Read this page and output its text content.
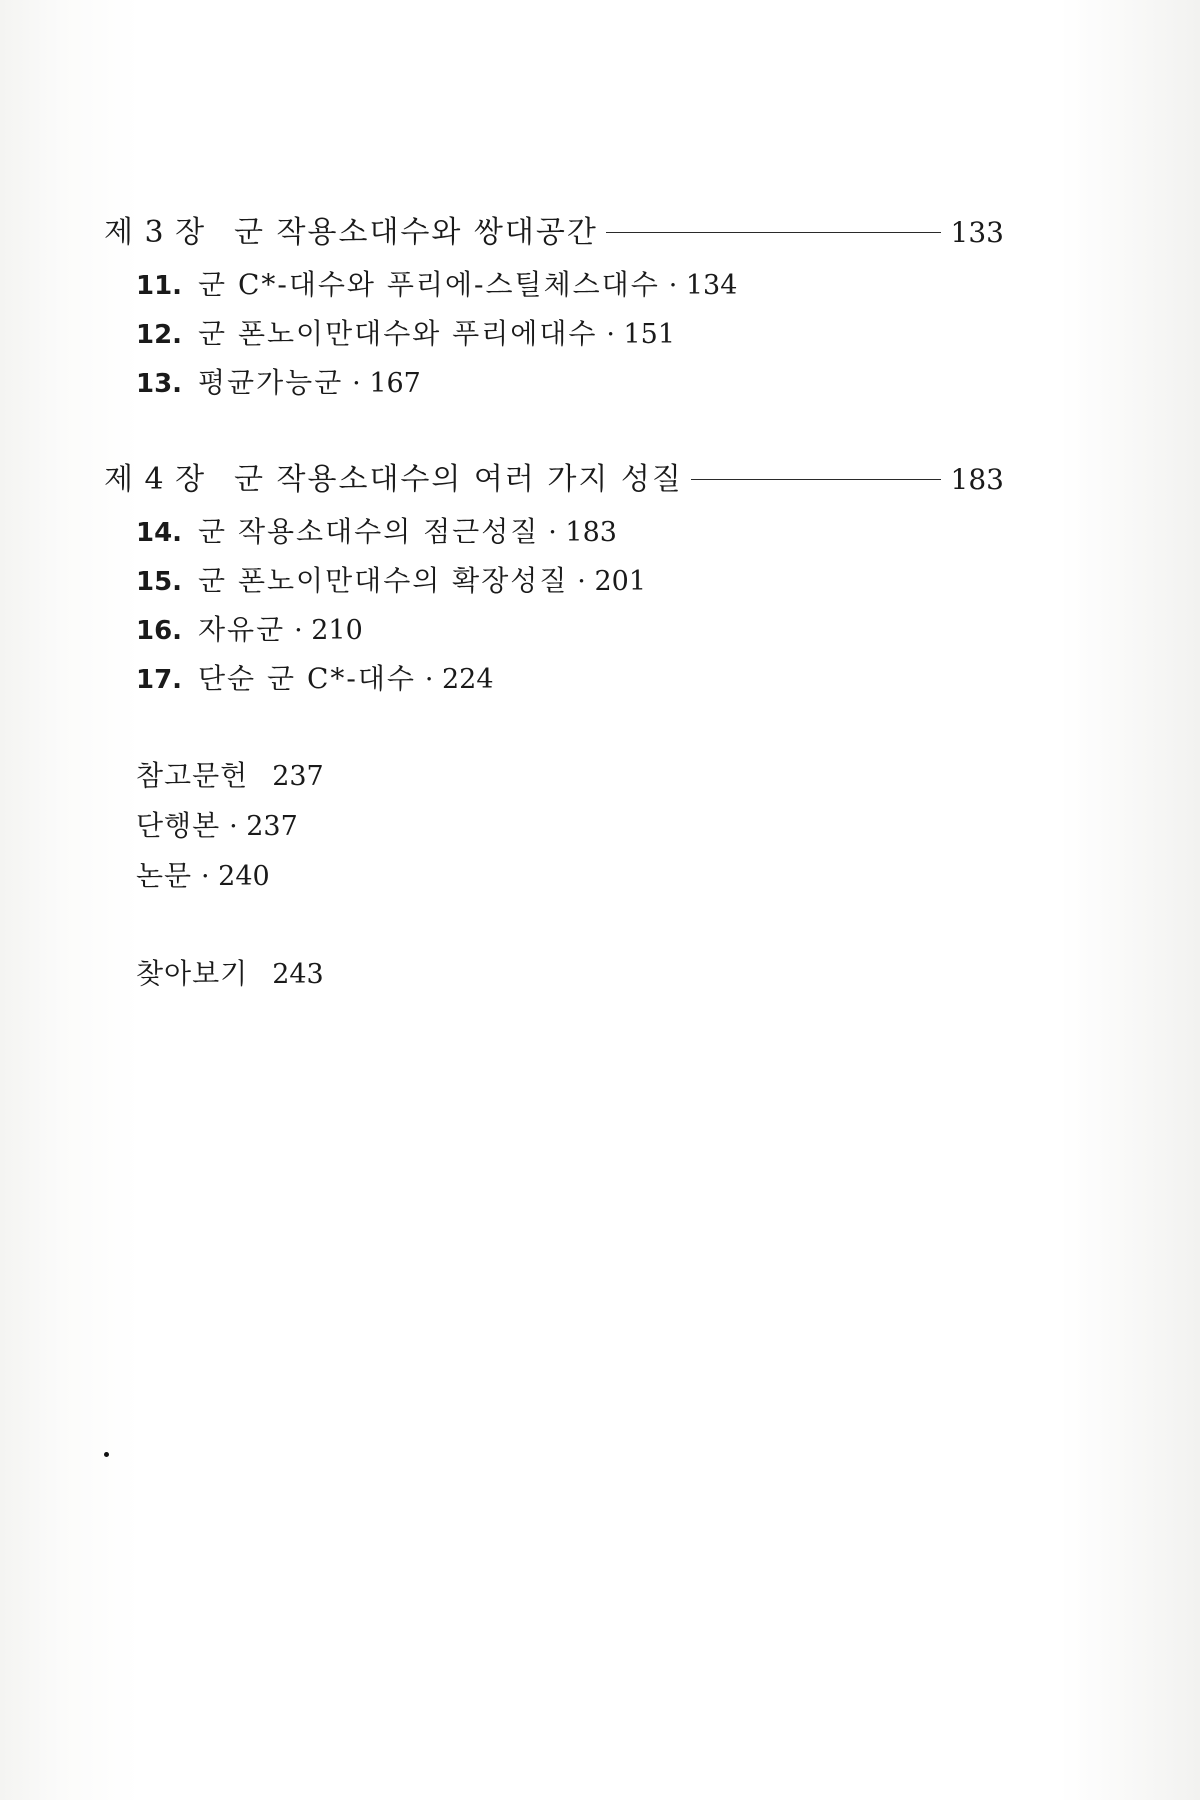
제 3 장 군 작용소대수와 쌍대공간	133
11. 군 C*-대수와 푸리에-스틸체스대수 · 134
12. 군 폰노이만대수와 푸리에대수 · 151
13. 평균가능군 · 167
제 4 장 군 작용소대수의 여러 가지 성질	183
14. 군 작용소대수의 점근성질 · 183
15. 군 폰노이만대수의 확장성질 · 201
16. 자유군 · 210
17. 단순 군 C*-대수 · 224
참고문헌 237
단행본 · 237
논문 · 240
찾아보기 243
